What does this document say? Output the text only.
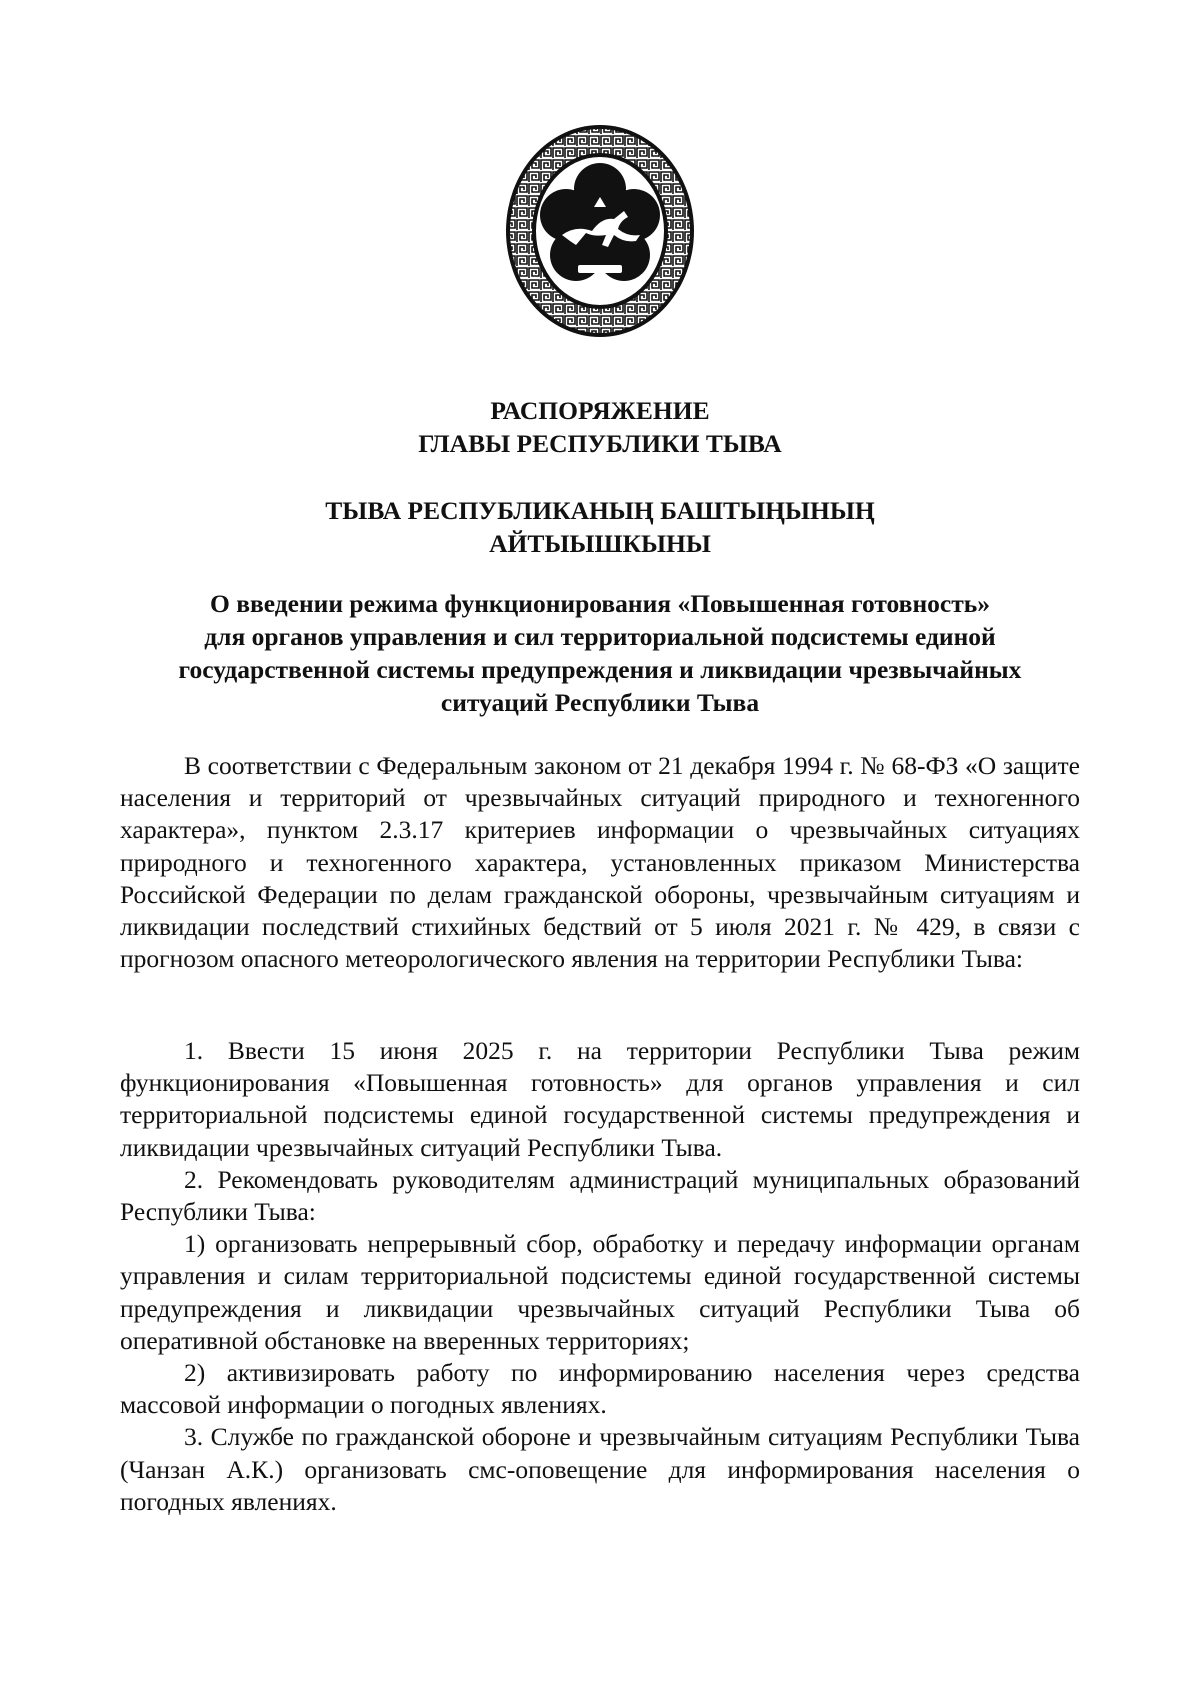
РАСПОРЯЖЕНИЕ
ГЛАВЫ РЕСПУБЛИКИ ТЫВА
ТЫВА РЕСПУБЛИКАНЫҢ БАШТЫҢЫНЫҢ
АЙТЫЫШКЫНЫ
О введении режима функционирования «Повышенная готовность»
для органов управления и сил территориальной подсистемы единой
государственной системы предупреждения и ликвидации чрезвычайных
ситуаций Республики Тыва

В соответствии с Федеральным законом от 21 декабря 1994 г. № 68-ФЗ «О защите населения и территорий от чрезвычайных ситуаций природного и техногенного характера», пунктом 2.3.17 критериев информации о чрезвычайных ситуациях природного и техногенного характера, установленных приказом Министерства Российской Федерации по делам гражданской обороны, чрезвычайным ситуациям и ликвидации последствий стихийных бедствий от 5 июля 2021 г. № 429, в связи с прогнозом опасного метеорологического явления на территории Республики Тыва:

1. Ввести 15 июня 2025 г. на территории Республики Тыва режим функционирования «Повышенная готовность» для органов управления и сил территориальной подсистемы единой государственной системы предупреждения и ликвидации чрезвычайных ситуаций Республики Тыва.

2. Рекомендовать руководителям администраций муниципальных образований Республики Тыва:

1) организовать непрерывный сбор, обработку и передачу информации органам управления и силам территориальной подсистемы единой государственной системы предупреждения и ликвидации чрезвычайных ситуаций Республики Тыва об оперативной обстановке на вверенных территориях;

2) активизировать работу по информированию населения через средства массовой информации о погодных явлениях.

3. Службе по гражданской обороне и чрезвычайным ситуациям Республики Тыва (Чанзан А.К.) организовать смс-оповещение для информирования населения о погодных явлениях.
